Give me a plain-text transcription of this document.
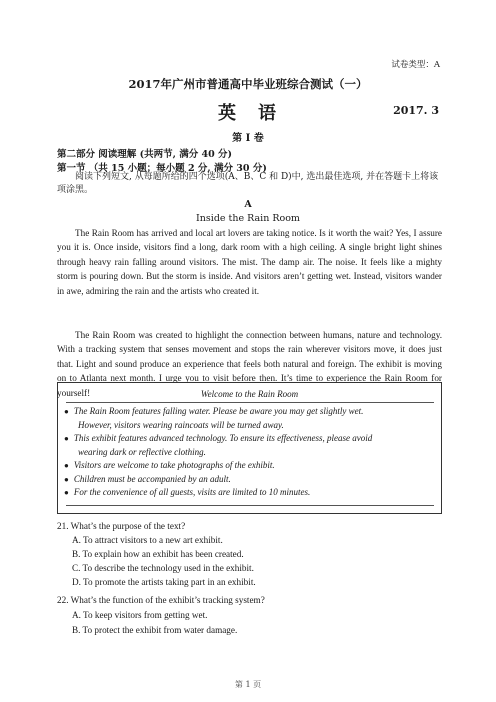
试卷类型：A
2017年广州市普通高中毕业班综合测试（一）
英语	2017. 3
第 I 卷
第二部分 阅读理解 (共两节, 满分 40 分)
第一节 （共 15 小题；每小题 2 分, 满分 30 分)
阅读下列短文, 从每题所给的四个选项(A、B、C 和 D)中, 选出最佳选项, 并在答题卡上将该项涂黑。
A
Inside the Rain Room
The Rain Room has arrived and local art lovers are taking notice. Is it worth the wait? Yes, I assure you it is. Once inside, visitors find a long, dark room with a high ceiling. A single bright light shines through heavy rain falling around visitors. The mist. The damp air. The noise. It feels like a mighty storm is pouring down. But the storm is inside. And visitors aren’t getting wet. Instead, visitors wander in awe, admiring the rain and the artists who created it.
The Rain Room was created to highlight the connection between humans, nature and technology. With a tracking system that senses movement and stops the rain wherever visitors move, it does just that. Light and sound produce an experience that feels both natural and foreign. The exhibit is moving on to Atlanta next month. I urge you to visit before then. It’s time to experience the Rain Room for yourself!	Welcome to the Rain Room
● The Rain Room features falling water. Please be aware you may get slightly wet.
However, visitors wearing raincoats will be turned away.
● This exhibit features advanced technology. To ensure its effectiveness, please avoid
wearing dark or reflective clothing.
● Visitors are welcome to take photographs of the exhibit.
● Children must be accompanied by an adult.
● For the convenience of all guests, visits are limited to 10 minutes.
21. What’s the purpose of the text?
A. To attract visitors to a new art exhibit.
B. To explain how an exhibit has been created.
C. To describe the technology used in the exhibit.
D. To promote the artists taking part in an exhibit.
22. What’s the function of the exhibit’s tracking system?
A. To keep visitors from getting wet.
B. To protect the exhibit from water damage.
第 1 页
